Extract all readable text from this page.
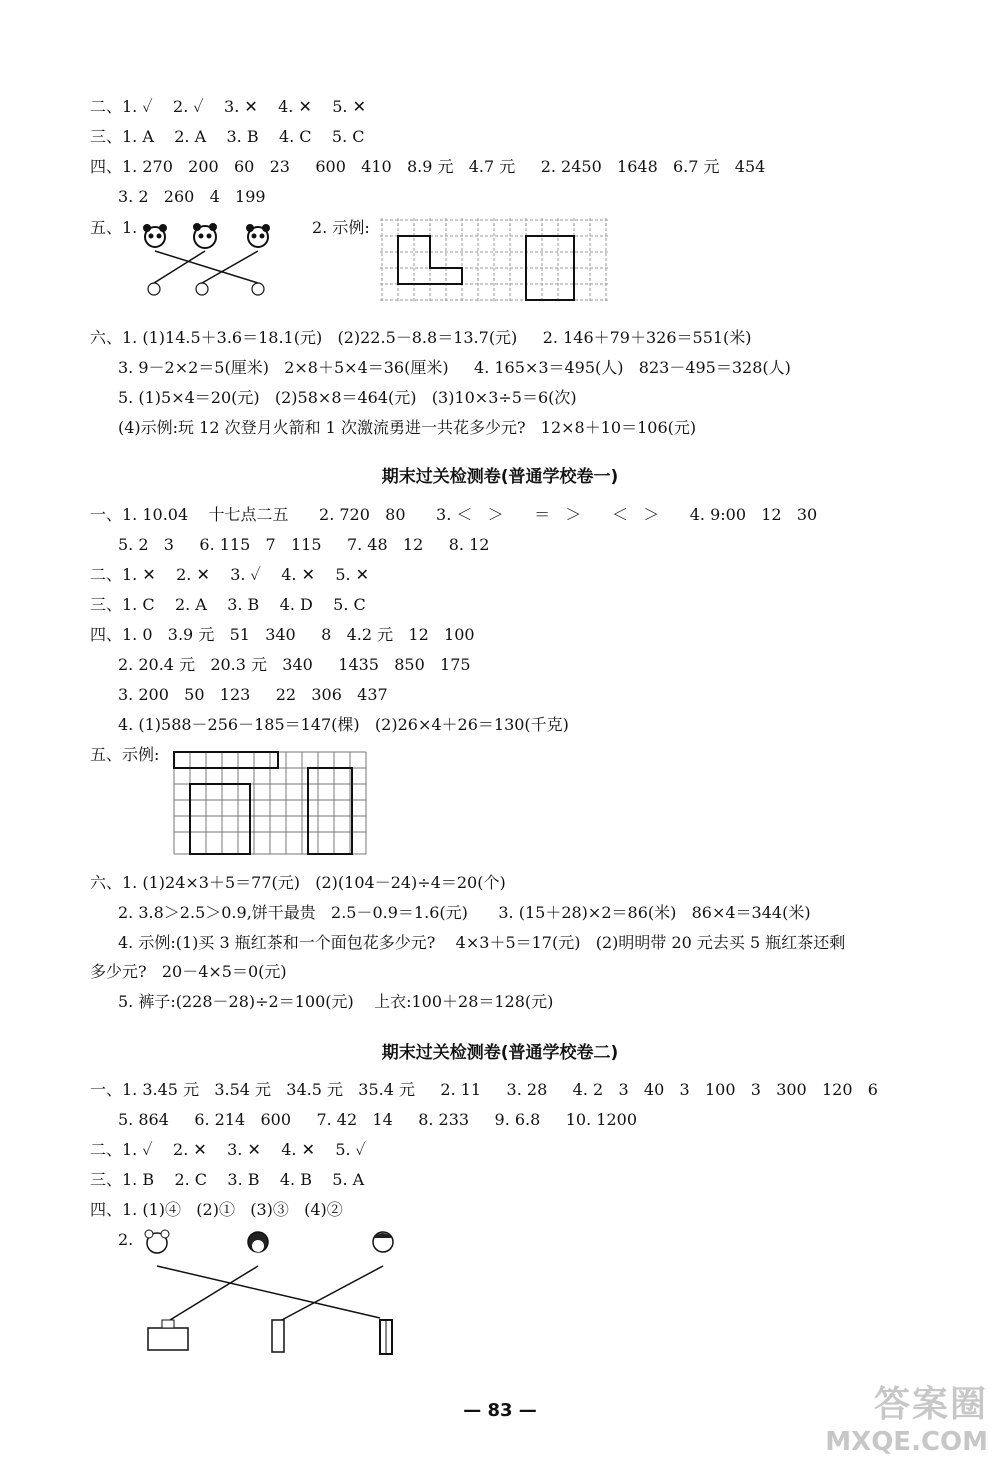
二、1. ✓    2. ✓    3. ✕    4. ✕    5. ✕
三、1. A    2. A    3. B    4. C    5. C
四、1. 270   200   60   23     600   410   8.9 元   4.7 元     2. 2450   1648   6.7 元   454
3. 2   260   4   199
五、1.	2. 示例:
六、1. (1)14.5＋3.6＝18.1(元)   (2)22.5－8.8＝13.7(元)     2. 146＋79＋326＝551(米)
3. 9－2×2＝5(厘米)   2×8＋5×4＝36(厘米)     4. 165×3＝495(人)   823－495＝328(人)
5. (1)5×4＝20(元)   (2)58×8＝464(元)   (3)10×3÷5＝6(次)
(4)示例:玩 12 次登月火箭和 1 次激流勇进一共花多少元?   12×8＋10＝106(元)
期末过关检测卷(普通学校卷一)
一、1. 10.04    十七点二五      2. 720   80      3. ＜   ＞      ＝   ＞      ＜   ＞      4. 9:00   12   30
5. 2   3     6. 115   7   115     7. 48   12     8. 12
二、1. ✕    2. ✕    3. ✓    4. ✕    5. ✕
三、1. C    2. A    3. B    4. D    5. C
四、1. 0   3.9 元   51   340     8   4.2 元   12   100
2. 20.4 元   20.3 元   340     1435   850   175
3. 200   50   123     22   306   437
4. (1)588－256－185＝147(棵)   (2)26×4＋26＝130(千克)
五、示例:
六、1. (1)24×3＋5＝77(元)   (2)(104－24)÷4＝20(个)
2. 3.8＞2.5＞0.9,饼干最贵   2.5－0.9＝1.6(元)      3. (15＋28)×2＝86(米)   86×4＝344(米)
4. 示例:(1)买 3 瓶红茶和一个面包花多少元?    4×3＋5＝17(元)   (2)明明带 20 元去买 5 瓶红茶还剩
多少元?   20－4×5＝0(元)
5. 裤子:(228－28)÷2＝100(元)    上衣:100＋28＝128(元)
期末过关检测卷(普通学校卷二)
一、1. 3.45 元   3.54 元   34.5 元   35.4 元     2. 11     3. 28     4. 2   3   40   3   100   3   300   120   6
5. 864     6. 214   600     7. 42   14     8. 233     9. 6.8     10. 1200
二、1. ✓    2. ✕    3. ✕    4. ✕    5. ✓
三、1. B    2. C    3. B    4. B    5. A
四、1. (1)④   (2)①   (3)③   (4)②
2.
— 83 —	答案圈
MXQE.COM
